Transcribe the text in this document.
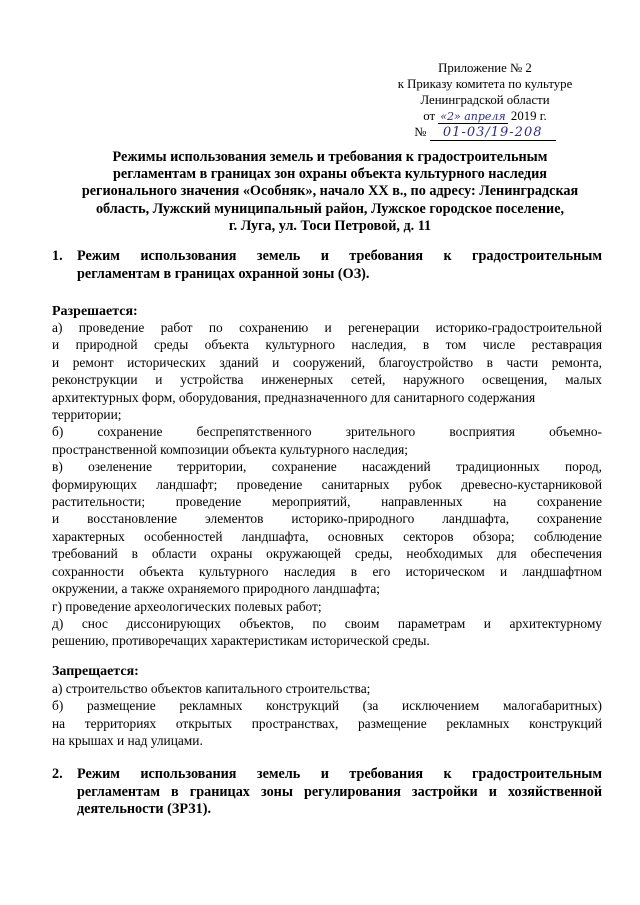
Приложение № 2
к Приказу комитета по культуре
Ленинградской области
от «2» апреля 2019 г.
№ 01-03/19-208
Режимы использования земель и требования к градостроительным
регламентам в границах зон охраны объекта культурного наследия
регионального значения «Особняк», начало XX в., по адресу: Ленинградская
область, Лужский муниципальный район, Лужское городское поселение,
г. Луга, ул. Тоси Петровой, д. 11
1. Режим использования земель и требования к градостроительным
регламентам в границах охранной зоны (ОЗ).
Разрешается:
а) проведение работ по сохранению и регенерации историко-градостроительной
и природной среды объекта культурного наследия, в том числе реставрация
и ремонт исторических зданий и сооружений, благоустройство в части ремонта,
реконструкции и устройства инженерных сетей, наружного освещения, малых
архитектурных форм, оборудования, предназначенного для санитарного содержания
территории;
б) сохранение беспрепятственного зрительного восприятия объемно-
пространственной композиции объекта культурного наследия;
в) озеленение территории, сохранение насаждений традиционных пород,
формирующих ландшафт; проведение санитарных рубок древесно-кустарниковой
растительности; проведение мероприятий, направленных на сохранение
и восстановление элементов историко-природного ландшафта, сохранение
характерных особенностей ландшафта, основных секторов обзора; соблюдение
требований в области охраны окружающей среды, необходимых для обеспечения
сохранности объекта культурного наследия в его историческом и ландшафтном
окружении, а также охраняемого природного ландшафта;
г) проведение археологических полевых работ;
д) снос диссонирующих объектов, по своим параметрам и архитектурному
решению, противоречащих характеристикам исторической среды.
Запрещается:
а) строительство объектов капитального строительства;
б) размещение рекламных конструкций (за исключением малогабаритных)
на территориях открытых пространствах, размещение рекламных конструкций
на крышах и над улицами.
2. Режим использования земель и требования к градостроительным
регламентам в границах зоны регулирования застройки и хозяйственной
деятельности (ЗРЗ1).
